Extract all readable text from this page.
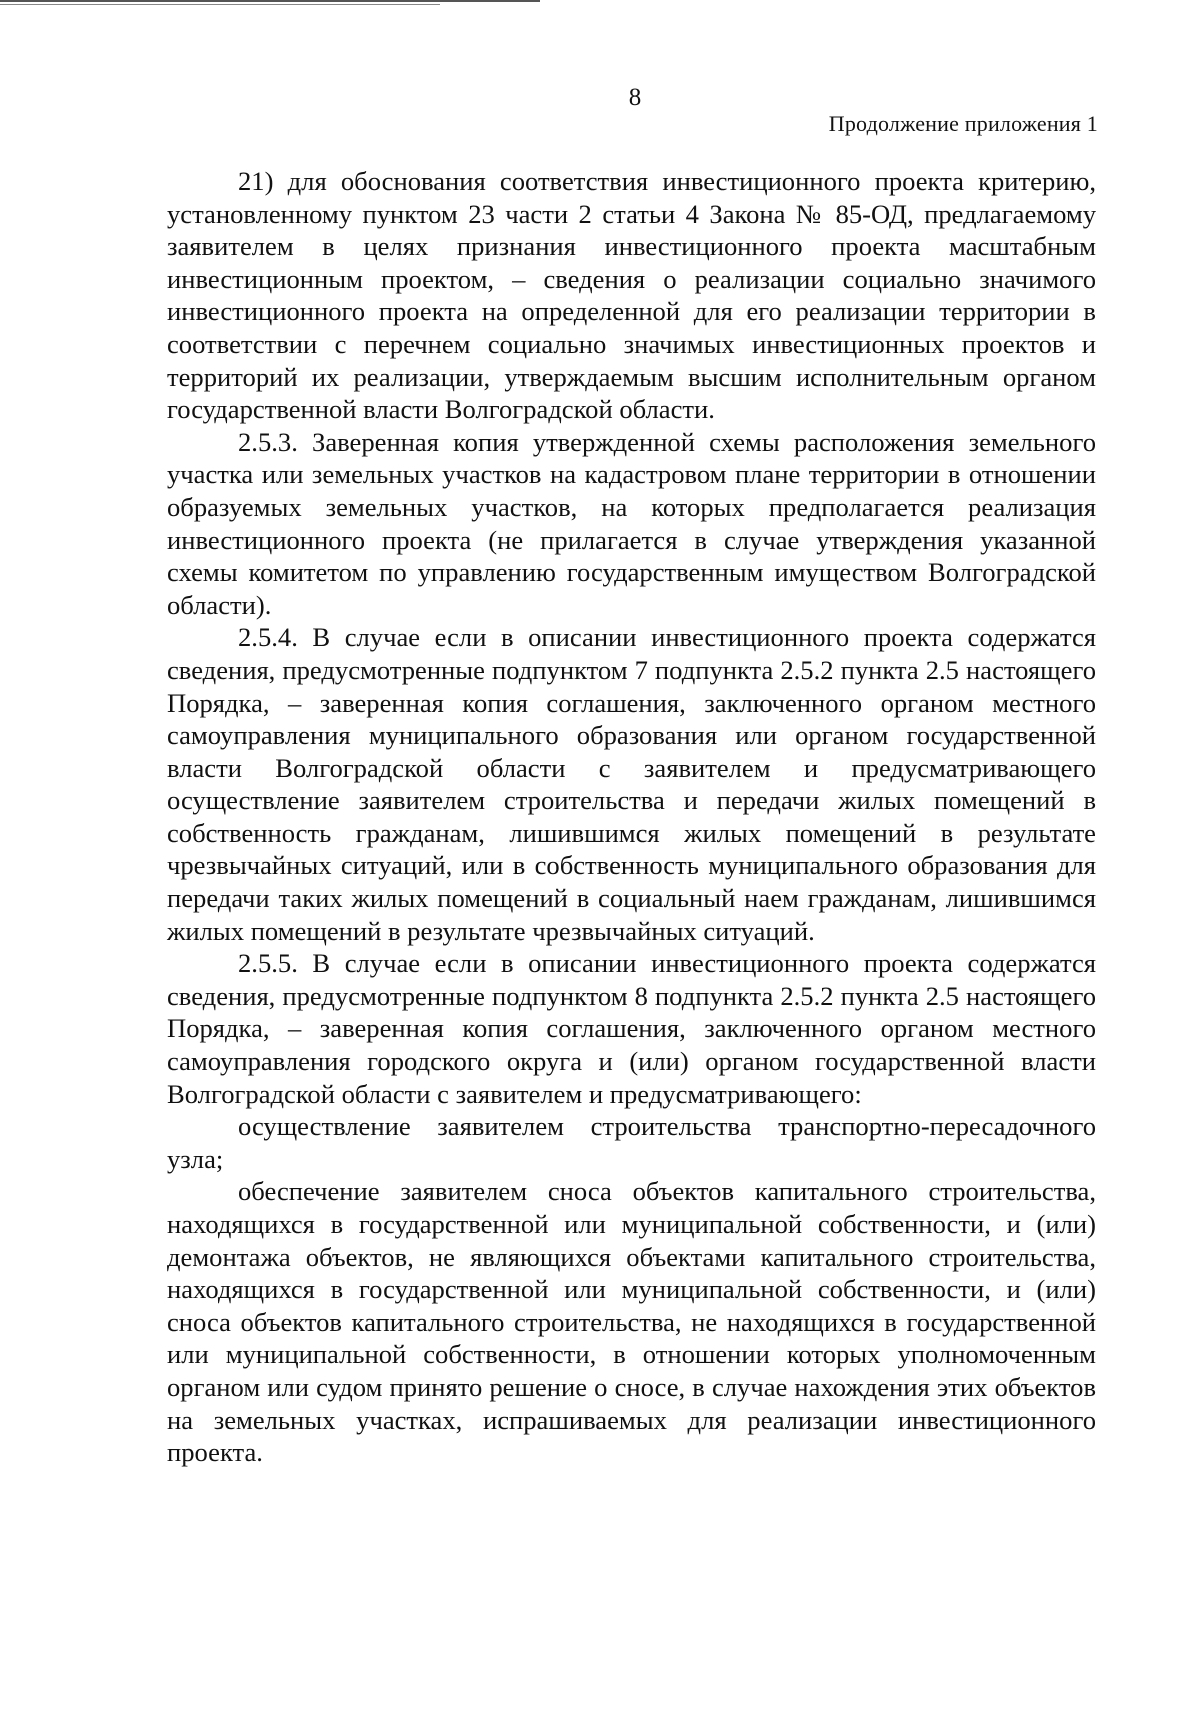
8
Продолжение приложения 1

21) для обоснования соответствия инвестиционного проекта критерию, установленному пунктом 23 части 2 статьи 4 Закона № 85-ОД, предлагаемому заявителем в целях признания инвестиционного проекта масштабным инвестиционным проектом, – сведения о реализации социально значимого инвестиционного проекта на определенной для его реализации территории в соответствии с перечнем социально значимых инвестиционных проектов и территорий их реализации, утверждаемым высшим исполнительным органом государственной власти Волгоградской области.

2.5.3. Заверенная копия утвержденной схемы расположения земельного участка или земельных участков на кадастровом плане территории в отношении образуемых земельных участков, на которых предполагается реализация инвестиционного проекта (не прилагается в случае утверждения указанной схемы комитетом по управлению государственным имуществом Волгоградской области).

2.5.4. В случае если в описании инвестиционного проекта содержатся сведения, предусмотренные подпунктом 7 подпункта 2.5.2 пункта 2.5 настоящего Порядка, – заверенная копия соглашения, заключенного органом местного самоуправления муниципального образования или органом государственной власти Волгоградской области с заявителем и предусматривающего осуществление заявителем строительства и передачи жилых помещений в собственность гражданам, лишившимся жилых помещений в результате чрезвычайных ситуаций, или в собственность муниципального образования для передачи таких жилых помещений в социальный наем гражданам, лишившимся жилых помещений в результате чрезвычайных ситуаций.

2.5.5. В случае если в описании инвестиционного проекта содержатся сведения, предусмотренные подпунктом 8 подпункта 2.5.2 пункта 2.5 настоящего Порядка, – заверенная копия соглашения, заключенного органом местного самоуправления городского округа и (или) органом государственной власти Волгоградской области с заявителем и предусматривающего:

осуществление заявителем строительства транспортно-пересадочного узла;

обеспечение заявителем сноса объектов капитального строительства, находящихся в государственной или муниципальной собственности, и (или) демонтажа объектов, не являющихся объектами капитального строительства, находящихся в государственной или муниципальной собственности, и (или) сноса объектов капитального строительства, не находящихся в государственной или муниципальной собственности, в отношении которых уполномоченным органом или судом принято решение о сносе, в случае нахождения этих объектов на земельных участках, испрашиваемых для реализации инвестиционного проекта.
